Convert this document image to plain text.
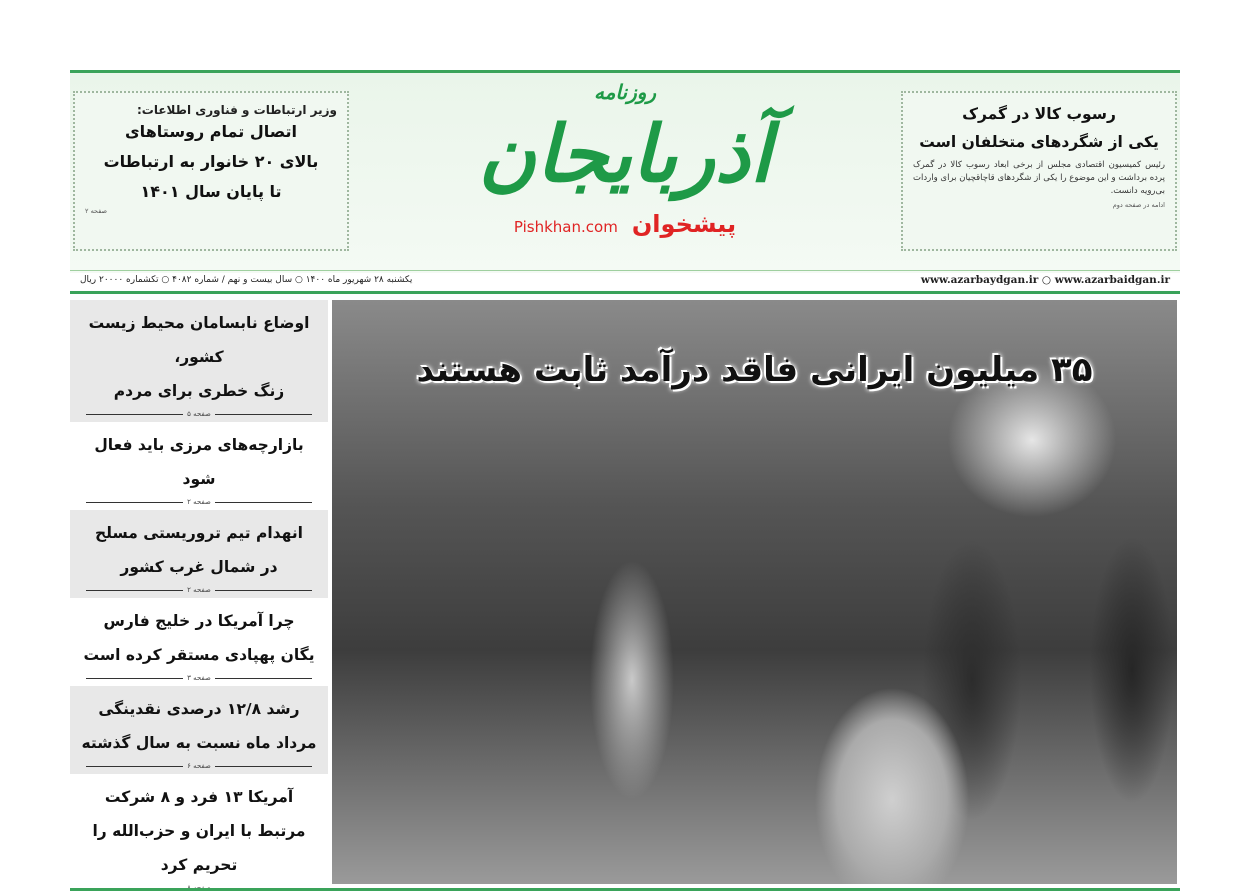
وزیر ارتباطات و فناوری اطلاعات:
اتصال تمام روستاهای
بالای ۲۰ خانوار به ارتباطات
تا پایان سال ۱۴۰۱
صفحه ۲
روزنامه
آذربایجان
پیشخوان
Pishkhan.com
رسوب کالا در گمرک
یکی از شگردهای متخلفان است
رئیس کمیسیون اقتصادی مجلس از برخی ابعاد رسوب کالا در گمرک پرده برداشت و این موضوع را یکی از شگردهای قاچاقچیان برای واردات بی‌رویه دانست.
ادامه در صفحه دوم
www.azarbaydgan.ir ○ www.azarbaidgan.ir
یکشنبه ۲۸ شهریور ماه ۱۴۰۰ ○ سال بیست و نهم / شماره ۴۰۸۲ ○ تکشماره ۲۰۰۰۰ ریال
اوضاع نابسامان محیط زیست کشور،
زنگ خطری برای مردم
صفحه ۵
بازارچه‌های مرزی باید فعال شود
صفحه ۲
انهدام تیم تروریستی مسلح
در شمال غرب کشور
صفحه ۲
چرا آمریکا در خلیج فارس
یگان پهپادی مستقر کرده است
صفحه ۳
رشد ۱۲/۸ درصدی نقدینگی
مرداد ماه نسبت به سال گذشته
صفحه ۶
آمریکا ۱۳ فرد و ۸ شرکت
مرتبط با ایران و حزب‌الله را
تحریم کرد
۳۵ میلیون ایرانی فاقد درآمد ثابت هستند
